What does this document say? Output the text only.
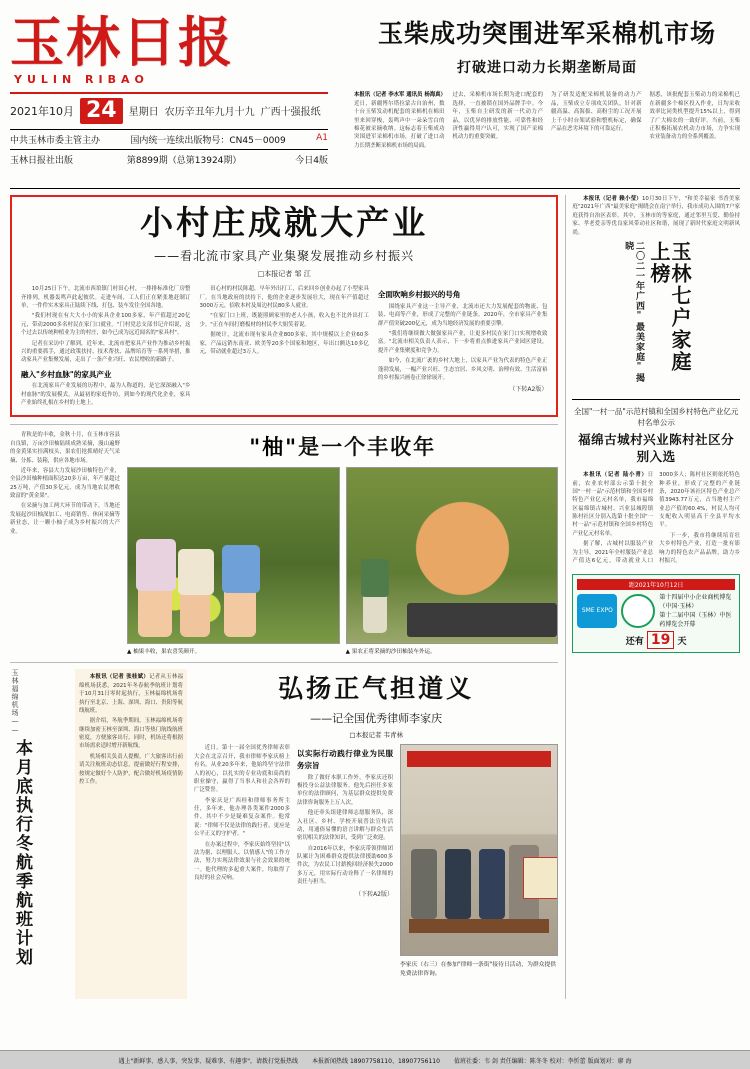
玉林日报
YULIN RIBAO
2021年10月 24	星期日 农历辛丑年九月十九 广西十强报纸
中共玉林市委主管主办	国内统一连续出版物号：CN45－0009	A1
玉林日报社出版	第8899期（总第13924期）	今日4版
玉柴成功突围进军采棉机市场
打破进口动力长期垄断局面

本报讯（记者 李水军 通讯员 杨海真）近日，新疆博尔塔拉蒙古自治州，数十台玉柴发动机配套的采棉机在棉田里来回穿梭，轰鸣声中一朵朵雪白的棉花被采摘收纳。这标志着玉柴成功突围进军采棉机市场，打破了进口动力长期垄断采棉机市场的局面。

过去，采棉机市场长期为进口配套的选择，一直被锁在国外品牌手中。今年，玉柴自主研发的新一代动力产品，以优异的排放性能、可靠性和经济性赢得用户认可，实现了国产采棉机动力的重要突破。

为了研发适配采棉机装备的动力产品，玉柴成立专项攻关团队，针对新疆高温、高海拔、高粉尘的工况开展上千小时台架试验和整机标定，确保产品在恶劣环境下的可靠运行。

据悉，该批配套玉柴动力的采棉机已在新疆多个棉区投入作业，日均采收效率比同类机型提升15%以上，得到了广大棉农的一致好评。当前，玉柴正积极拓展农机动力市场，力争实现农业装备动力的全系列覆盖。

小村庄成就大产业
——看北流市家具产业集聚发展推动乡村振兴
□本报记者 邹 江

10月25日下午，北流市西埌镇门村田心村，一排排标准化厂房整齐排列，机器轰鸣声此起彼伏。走进车间，工人们正在紧张地赶制订单，一件件实木家具正陆续下线、打包、装车发往全国各地。

"我们村现在有大大小小的家具企业100多家，年产值超过20亿元，带动2000多名村民在家门口就业。"门村党总支部书记介绍说，这个过去以传统种植业为主的村庄，如今已成为远近闻名的"家具村"。

记者在采访中了解到，近年来，北流市把家具产业作为推动乡村振兴的重要抓手，通过政策扶持、技术帮扶、品牌培育等一系列举措，推动家具产业集聚发展，走出了一条产业兴旺、农民增收的新路子。

融入"乡村血脉"的家具产业

在北流家具产业发展的历程中，最为人称道的，是它深深融入"乡村血脉"的发展模式。从最初的家庭作坊，到如今的现代化企业，家具产业始终扎根在乡村的土地上。

田心村的村民陈超，早年外出打工，后来回乡创业办起了小型家具厂。在当地政府的扶持下，他的企业逐步发展壮大，现在年产值超过3000万元，招收本村及周边村民80多人就业。

"在家门口上班，既能照顾家里的老人小孩，收入也不比外出打工少。"正在车间打磨板材的村民李大姐笑着说。

据统计，北流市现有家具企业800多家，其中规模以上企业60多家，产品远销东南亚、欧美等20多个国家和地区，年出口额达10多亿元，带动就业超过3万人。

全面吹响乡村振兴的号角

围绕家具产业这一主导产业，北流市还大力发展配套的物流、包装、电商等产业，形成了完整的产业链条。2020年，全市家具产业集群产值突破200亿元，成为当地经济发展的重要引擎。

"我们将继续做大做强家具产业，让更多村民在家门口实现增收致富。"北流市相关负责人表示，下一步将重点推进家具产业园区建设，提升产业集聚度和竞争力。

如今，在北流广袤的乡村大地上，以家具产业为代表的特色产业正蓬勃发展，一幅产业兴旺、生态宜居、乡风文明、治理有效、生活富裕的乡村振兴画卷正徐徐展开。

（下转A2版）

青秋是的丰收，金秋十月，在玉林市容县自良镇，万亩沙田柚陆续成熟采摘，漫山遍野的金黄果实挂满枝头，果农们抢抓晴好天气采摘、分拣、装箱，供应各地市场。

近年来，容县大力发展沙田柚特色产业，全县沙田柚种植面积达20多万亩，年产量超过25万吨，产值30多亿元，成为当地农民增收致富的"黄金果"。

在采摘与加工两大环节的带动下，当地还发展起沙田柚深加工、电商销售、休闲采摘等新业态，让一颗小柚子成为乡村振兴的大产业。

"柚"是一个丰收年
▲ 柚果丰收，果农喜笑颜开。	▲ 果农正将采摘的沙田柚装车外运。
玉林福绵机场——
本月底执行冬航季航班计划

本报讯（记者 张桂斌）记者从玉林福绵机场获悉，2021年冬春航季航班计划将于10月31日零时起执行，玉林福绵机场将执行至北京、上海、深圳、海口、贵阳等航线航班。

据介绍，冬航季期间，玉林福绵机场将继续加密玉林至深圳、海口等热门航线航班密度，方便旅客出行。同时，机场还将根据市场需求适时增开新航线。

机场相关负责人提醒，广大旅客出行前请关注航班动态信息，提前做好行程安排，按规定做好个人防护，配合做好机场疫情防控工作。

弘扬正气担道义
——记全国优秀律师李家庆
□本报记者 韦青林

近日，第十一届全国优秀律师表彰大会在北京召开，我市律师李家庆榜上有名。从业20多年来，他始终坚守法律人的初心，以扎实的专业功底和高尚的职业操守，赢得了当事人和社会各界的广泛赞誉。

李家庆是广西桂和律师事务所主任，多年来，他办理各类案件2000多件，其中不少是疑难复杂案件。他常说："律师不仅是法律的践行者，更应是公平正义的守护者。"

在办案过程中，李家庆始终坚持"以法为据、以理服人、以情感人"的工作方法，努力实现法律效果与社会效果的统一。他代理的多起重大案件，均取得了良好的社会反响。

以实际行动践行律业为民服务宗旨

除了做好本职工作外，李家庆还积极投身公益法律服务。他先后担任多家单位的法律顾问，为基层群众提供免费法律咨询服务上万人次。

他还牵头组建律师志愿服务队，深入社区、乡村、学校开展普法宣传活动，用通俗易懂的语言讲解与群众生活密切相关的法律知识，受到广泛欢迎。

自2016年以来，李家庆带领律师团队累计为困难群众提供法律援助600多件次，为农民工讨薪挽回经济损失2000多万元，用实际行动诠释了一名律师的责任与担当。

（下转A2版）
李家庆（右三）在参加"律师一条街"接待日活动，为群众提供免费法律咨询。

本报讯（记者 赖小莹）10月30日下午，"和美幸福家 书香美家庭"2021年广西"最美家庭"揭晓会在南宁举行，我市成功入围的7户家庭获得自治区表彰。其中，玉林市的等家庭，通过邻里互爱、勤俭持家、孝老爱亲等优良家风带动社区和谐，展现了新时代家庭文明新风尚。

二〇二一年广西"最美家庭"揭晓	玉林七户家庭上榜
全国"一村一品"示范村镇和全国乡村特色产业亿元村名单公示
福绵古城村兴业陈村社区分别入选

本报讯（记者 陆小青）日前，农业农村部公示第十批全国"一村一品"示范村镇和全国乡村特色产业亿元村名单，我市福绵区福绵镇古城村、兴业县城隍镇陈村社区分别入选第十批全国"一村一品"示范村镇和全国乡村特色产业亿元村名单。

据了解，古城村以服装产业为主导，2021年全村服装产业总产值达6亿元，带动就业人口3000多人；陈村社区则依托特色种养业，形成了完整的产业链条，2020年该社区特色产业总产值3943.77万元，占当地村主产业总产值的60.4%，村民人均可支配收入明显高于全县平均水平。

下一步，我市将继续培育壮大乡村特色产业，打造一批有影响力的特色农产品品牌，助力乡村振兴。

距2021年10月12日
SME EXPO
第十四届中小企业商机博览（中国·玉林）
第十二届中国（玉林）中医药博览会开幕
还有 19 天
遇上"新鲜事、感人事、突发事、疑难事、有趣事"，请拨打党报热线 本报新闻热线 18907758110、18907756110 值班社委：韦 剑 责任编辑：陈冬冬 校对：李忻蕾 版面划对：廖 海
